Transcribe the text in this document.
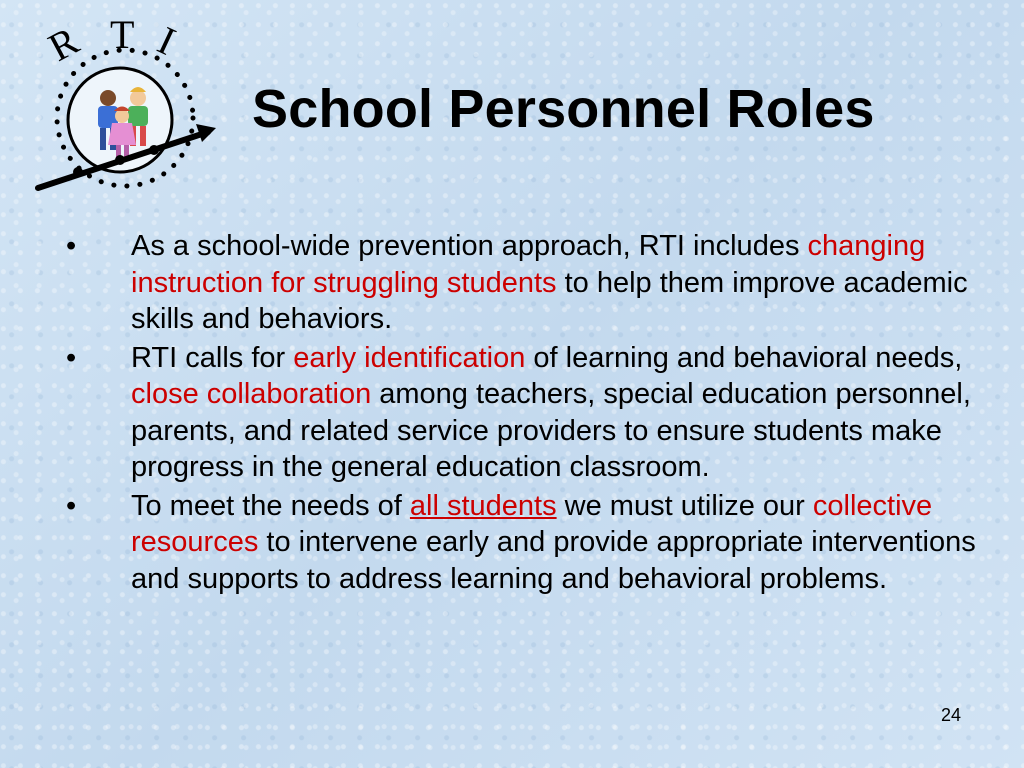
R T I
School Personnel Roles
• As a school-wide prevention approach, RTI includes changing instruction for struggling students to help them improve academic skills and behaviors.
• RTI calls for early identification of learning and behavioral needs, close collaboration among teachers, special education personnel, parents, and related service providers to ensure students make progress in the general education classroom.
• To meet the needs of all students we must utilize our collective resources to intervene early and provide appropriate interventions and supports to address learning and behavioral problems.
24
